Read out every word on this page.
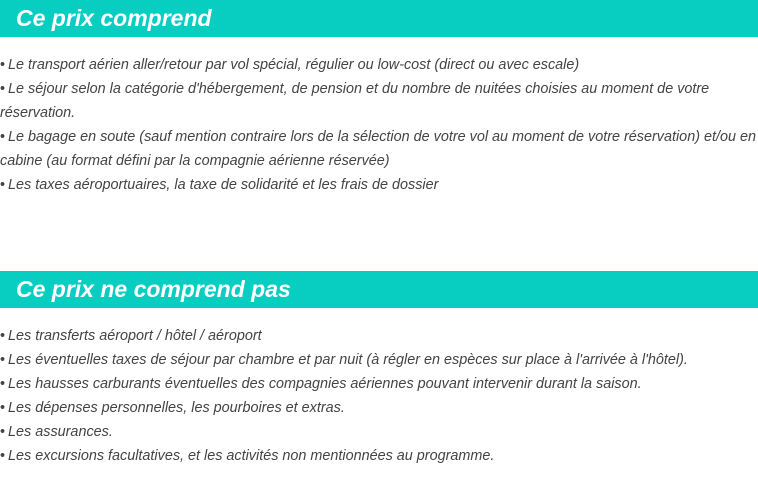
Ce prix comprend
• Le transport aérien aller/retour par vol spécial, régulier ou low-cost (direct ou avec escale)
• Le séjour selon la catégorie d'hébergement, de pension et du nombre de nuitées choisies au moment de votre réservation.
• Le bagage en soute (sauf mention contraire lors de la sélection de votre vol au moment de votre réservation) et/ou en cabine (au format défini par la compagnie aérienne réservée)
• Les taxes aéroportuaires, la taxe de solidarité et les frais de dossier
Ce prix ne comprend pas
• Les transferts aéroport / hôtel / aéroport
• Les éventuelles taxes de séjour par chambre et par nuit (à régler en espèces sur place à l'arrivée à l'hôtel).
• Les hausses carburants éventuelles des compagnies aériennes pouvant intervenir durant la saison.
• Les dépenses personnelles, les pourboires et extras.
• Les assurances.
• Les excursions facultatives, et les activités non mentionnées au programme.
